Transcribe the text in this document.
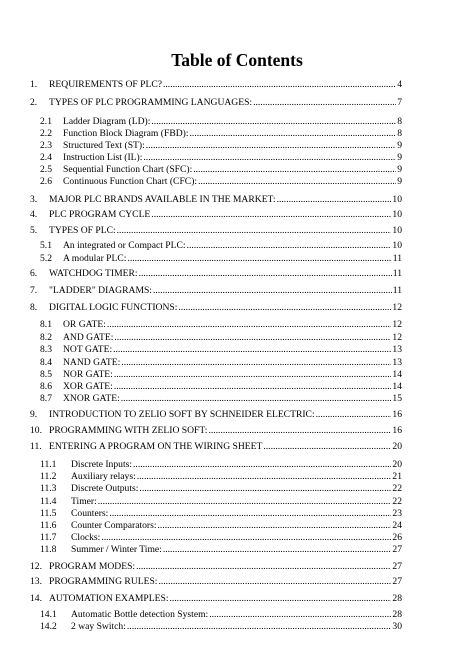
Table of Contents
1.	REQUIREMENTS OF PLC? .....	4
2.	TYPES OF PLC PROGRAMMING LANGUAGES: .....	7
2.1	Ladder Diagram (LD): .....	8
2.2	Function Block Diagram (FBD): .....	8
2.3	Structured Text (ST): .....	9
2.4	Instruction List (IL): .....	9
2.5	Sequential Function Chart (SFC): .....	9
2.6	Continuous Function Chart (CFC): .....	9
3.	MAJOR PLC BRANDS AVAILABLE IN THE MARKET: .....	10
4.	PLC PROGRAM CYCLE .....	10
5.	TYPES OF PLC: .....	10
5.1	An integrated or Compact PLC: .....	10
5.2	A modular PLC: .....	11
6.	WATCHDOG TIMER: .....	11
7.	"LADDER" DIAGRAMS: .....	11
8.	DIGITAL LOGIC FUNCTIONS: .....	12
8.1	OR GATE: .....	12
8.2	AND GATE: .....	12
8.3	NOT GATE: .....	13
8.4	NAND GATE: .....	13
8.5	NOR GATE: .....	14
8.6	XOR GATE: .....	14
8.7	XNOR GATE: .....	15
9.	INTRODUCTION TO ZELIO SOFT BY SCHNEIDER ELECTRIC: .....	16
10. PROGRAMMING WITH ZELIO SOFT: .....	16
11. ENTERING A PROGRAM ON THE WIRING SHEET .....	20
11.1	Discrete Inputs: .....	20
11.2	Auxiliary relays: .....	21
11.3	Discrete Outputs: .....	22
11.4	Timer: .....	22
11.5	Counters: .....	23
11.6	Counter Comparators: .....	24
11.7	Clocks: .....	26
11.8	Summer / Winter Time: .....	27
12. PROGRAM MODES: .....	27
13. PROGRAMMING RULES: .....	27
14. AUTOMATION EXAMPLES: .....	28
14.1	Automatic Bottle detection System: .....	28
14.2	2 way Switch: .....	30
